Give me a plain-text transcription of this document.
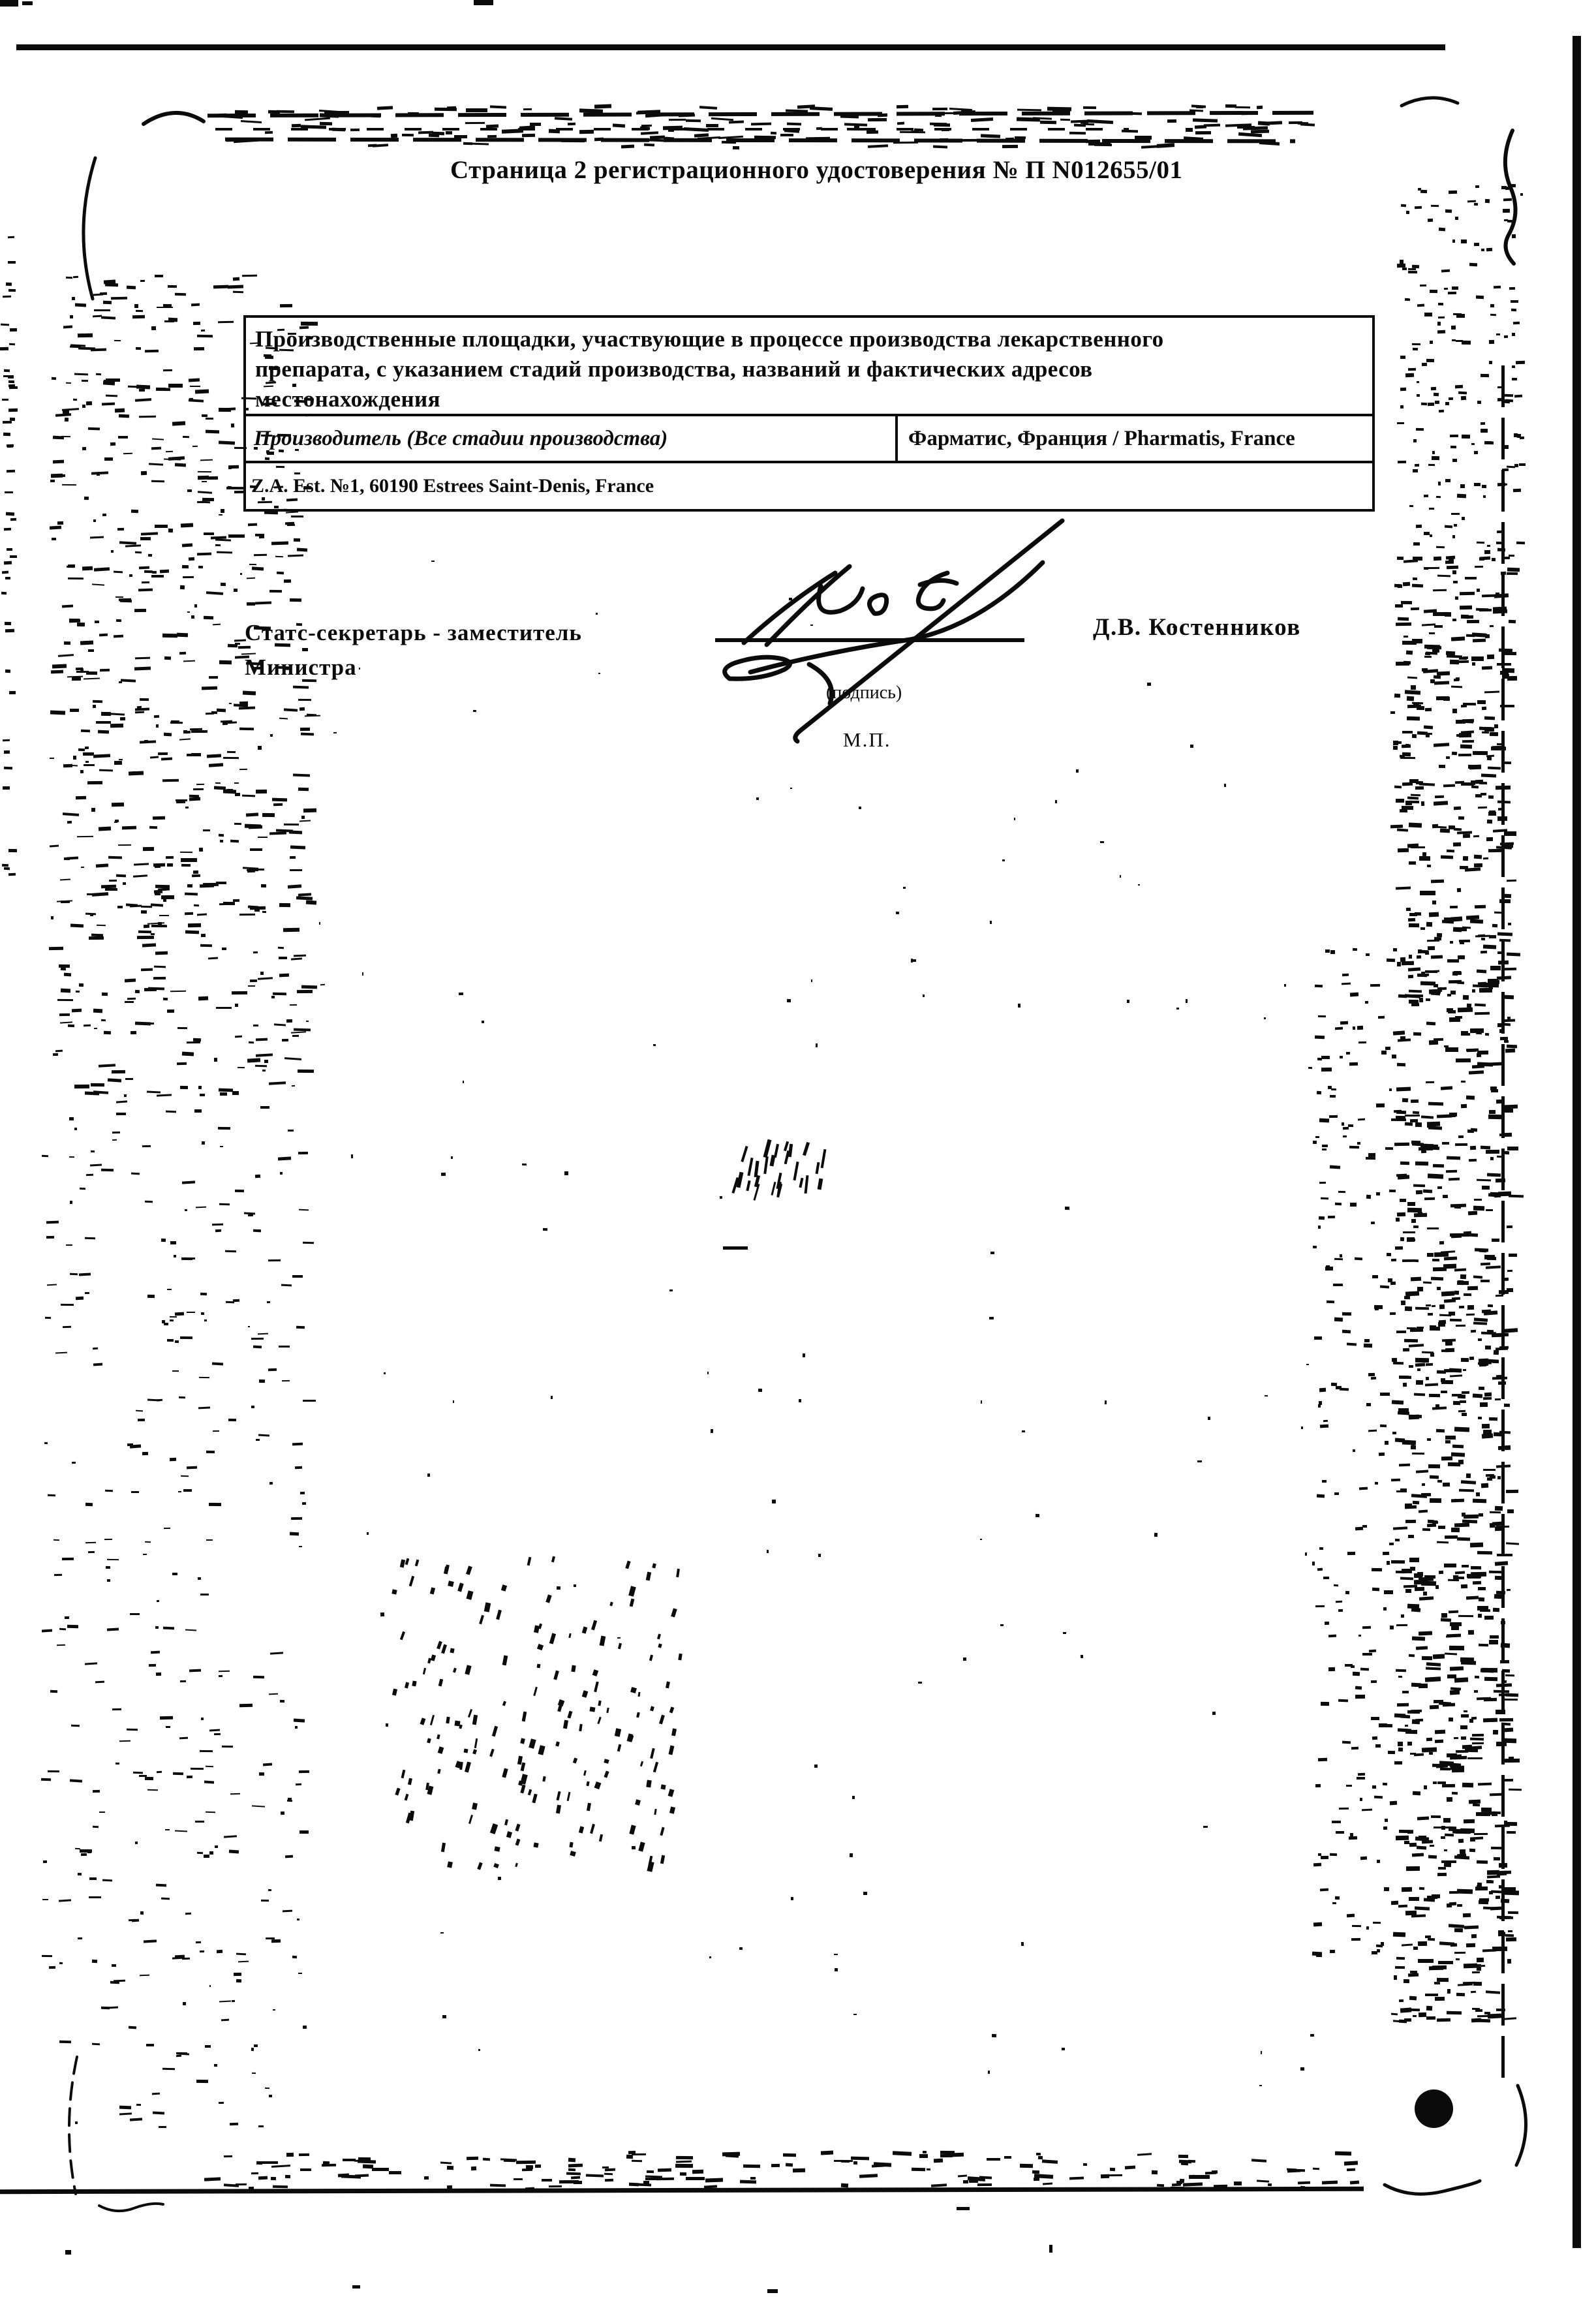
Страница 2 регистрационного удостоверения № П N012655/01
Производственные площадки, участвующие в процессе производства лекарственного
препарата, с указанием стадий производства, названий и фактических адресов
местонахождения
Производитель (Все стадии производства)	Фарматис, Франция / Pharmatis, France
Z.A. Est. №1, 60190 Estrees Saint-Denis, France
Статс-секретарь - заместитель
Министра
Д.В. Костенников
(подпись)
М.П.
